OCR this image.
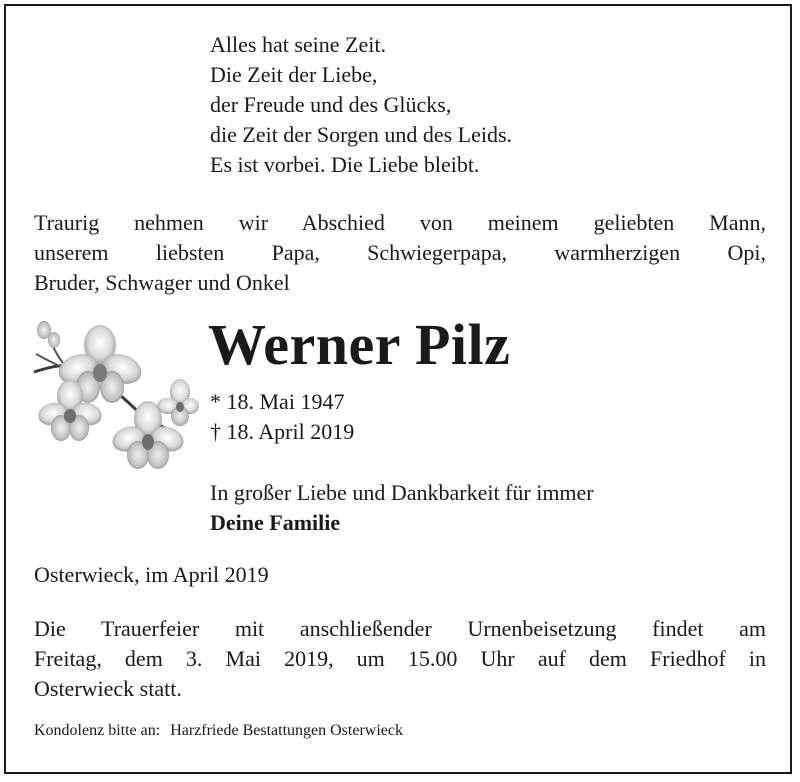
Alles hat seine Zeit.
Die Zeit der Liebe,
der Freude und des Glücks,
die Zeit der Sorgen und des Leids.
Es ist vorbei. Die Liebe bleibt.
Traurig nehmen wir Abschied von meinem geliebten Mann,
unserem liebsten Papa, Schwiegerpapa, warmherzigen Opi,
Bruder, Schwager und Onkel
Werner Pilz
* 18. Mai 1947
† 18. April 2019
In großer Liebe und Dankbarkeit für immer
Deine Familie
Osterwieck, im April 2019
Die Trauerfeier mit anschließender Urnenbeisetzung findet am
Freitag, dem 3. Mai 2019, um 15.00 Uhr auf dem Friedhof in
Osterwieck statt.
Kondolenz bitte an: Harzfriede Bestattungen Osterwieck
